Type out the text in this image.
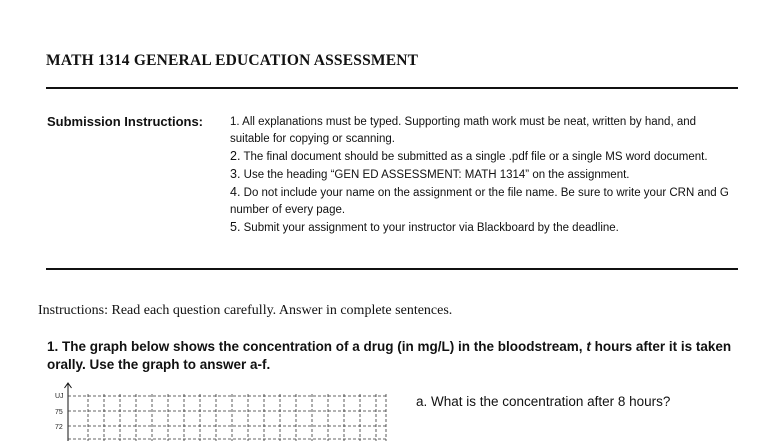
MATH 1314 GENERAL EDUCATION ASSESSMENT
Submission Instructions: 1. All explanations must be typed. Supporting math work must be neat, written by hand, and suitable for copying or scanning.
2. The final document should be submitted as a single .pdf file or a single MS word document.
3. Use the heading “GEN ED ASSESSMENT: MATH 1314” on the assignment.
4. Do not include your name on the assignment or the file name. Be sure to write your CRN and G number of every page.
5. Submit your assignment to your instructor via Blackboard by the deadline.
Instructions: Read each question carefully. Answer in complete sentences.
1. The graph below shows the concentration of a drug (in mg/L) in the bloodstream, t hours after it is taken orally. Use the graph to answer a-f.
UJ
75
72
a. What is the concentration after 8 hours?
